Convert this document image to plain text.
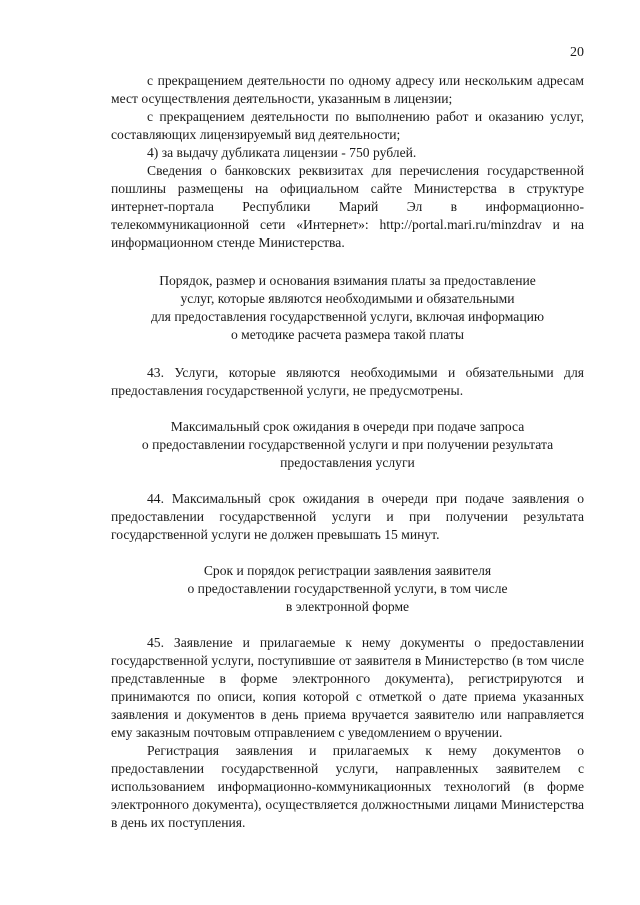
20

с прекращением деятельности по одному адресу или нескольким адресам мест осуществления деятельности, указанным в лицензии;

с прекращением деятельности по выполнению работ и оказанию услуг, составляющих лицензируемый вид деятельности;

4) за выдачу дубликата лицензии - 750 рублей.

Сведения о банковских реквизитах для перечисления государственной пошлины размещены на официальном сайте Министерства в структуре интернет-портала Республики Марий Эл в информационно-телекоммуникационной сети «Интернет»: http://portal.mari.ru/minzdrav и на информационном стенде Министерства.

Порядок, размер и основания взимания платы за предоставление
услуг, которые являются необходимыми и обязательными
для предоставления государственной услуги, включая информацию
о методике расчета размера такой платы

43. Услуги, которые являются необходимыми и обязательными для предоставления государственной услуги, не предусмотрены.

Максимальный срок ожидания в очереди при подаче запроса
о предоставлении государственной услуги и при получении результата
предоставления услуги

44. Максимальный срок ожидания в очереди при подаче заявления о предоставлении государственной услуги и при получении результата государственной услуги не должен превышать 15 минут.

Срок и порядок регистрации заявления заявителя
о предоставлении государственной услуги, в том числе
в электронной форме

45. Заявление и прилагаемые к нему документы о предоставлении государственной услуги, поступившие от заявителя в Министерство (в том числе представленные в форме электронного документа), регистрируются и принимаются по описи, копия которой с отметкой о дате приема указанных заявления и документов в день приема вручается заявителю или направляется ему заказным почтовым отправлением с уведомлением о вручении.

Регистрация заявления и прилагаемых к нему документов о предоставлении государственной услуги, направленных заявителем с использованием информационно-коммуникационных технологий (в форме электронного документа), осуществляется должностными лицами Министерства в день их поступления.
